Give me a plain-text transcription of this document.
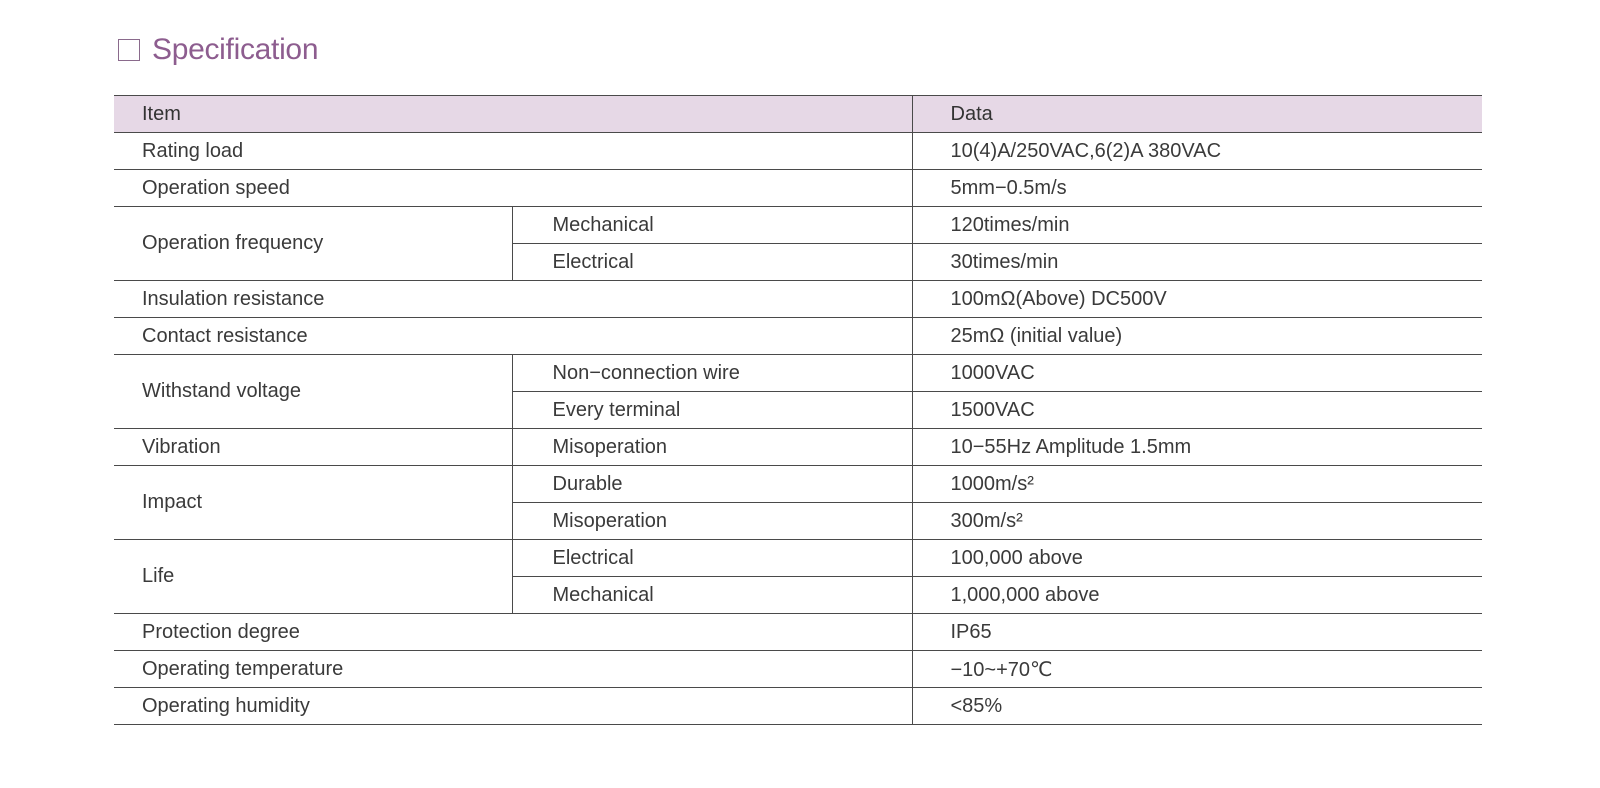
Specification
Item		Data
Rating load		10(4)A/250VAC,6(2)A 380VAC
Operation speed		5mm−0.5m/s
Operation frequency	Mechanical	120times/min
	Electrical	30times/min
Insulation resistance		100mΩ(Above) DC500V
Contact resistance		25mΩ (initial value)
Withstand voltage	Non−connection wire	1000VAC
	Every terminal	1500VAC
Vibration	Misoperation	10−55Hz Amplitude 1.5mm
Impact	Durable	1000m/s²
	Misoperation	300m/s²
Life	Electrical	100,000 above
	Mechanical	1,000,000 above
Protection degree		IP65
Operating temperature		−10~+70℃
Operating humidity		<85%
